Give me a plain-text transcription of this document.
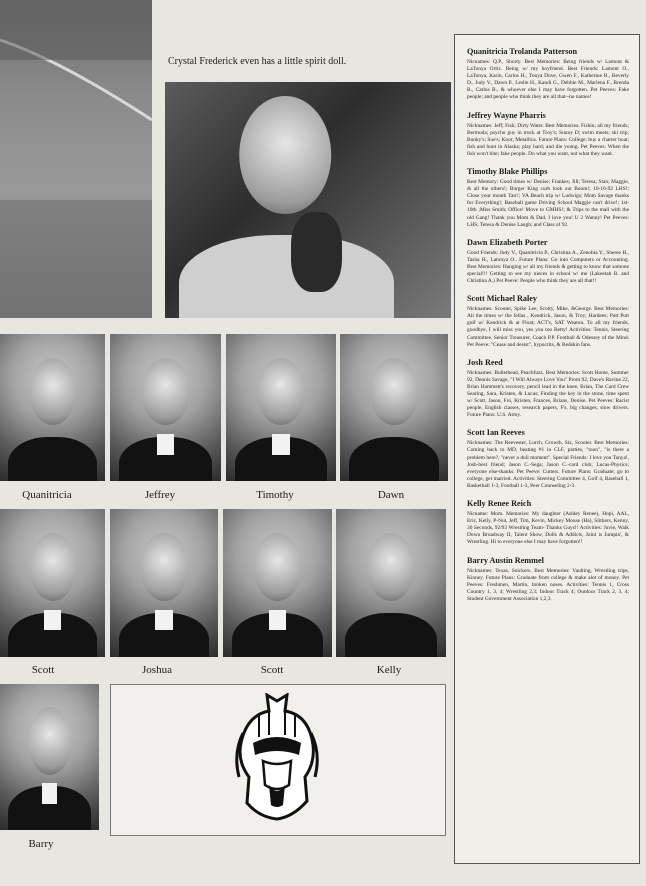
Crystal Frederick even has a little spirit doll.
Quanitricia	Jeffrey	Timothy	Dawn
Scott	Joshua	Scott	Kelly
Barry
Quanitricia Trolanda Patterson
Nicnames: Q.P., Shorty. Best Memories: Being friends w/ Lamont & LaTonya Ortiz. Being w/ my boyfriend. Best Friends: Lamont O., LaTonya, Karin, Carlos H., Tonya Dove, Gwen F., Katherine R., Beverly D., Judy V., Dawn P., Leslie H., Kandi G., Debbie M., Marlena F., Brenda B., Carlos B., & whoever else I may have forgotten. Pet Peeves: Fake people; and people who think they are all that--no names!
Jeffrey Wayne Pharris
Nicknames: Jeff; Fish; Dirty Water. Best Memories: Fishin; all my friends; Bermuda; psycho guy in truck at Troy's; Sunny D; swim meets; ski trip; Bunky's; Sue's; Knot; Metallica. Future Plans: College; buy a charter boat; fish and hunt in Alaska; play hard; and die young. Pet Peeves: When the fish won't bite; fake people. Do what you want, not what they want.
Timothy Blake Phillips
Best Memory: Good times w/ Denise; Frankes; Jill; Teresa; Stan; Maggie, & all the others!; Burger King curb look out Boom!; 10-16-92 LHS!; Close your mouth Tarr!; VA Beach trip w/ Ludwigs; Mom Savage thanks for Everything!; Baseball game Driving School Maggie can't drive!; 1st-10th ;Miss Smith; Office! Move to GMHS!; & Trips to the mall with the old Gang! Thank you Mom & Dad, I love you! U 2 Wanny! Pet Peeves: LHS; Teresa & Denise Laugh; and Class of 92.
Dawn Elizabeth Porter
Good Friends: Judy V., Quanitricia P., Christina A., Zenobia Y., Sheree H., Tasha H., Latonya O.. Future Plans: Go into Computers or Accounting. Best Memories: Hanging w/ all my friends & getting to know that somone special!!! Getting to see my nieces in school w/ me (Lakeetah B. and Christina A.) Pet Peeve: People who think they are all that!!
Scott Michael Raley
Nicknames: Scouter, Spike Lee, Scotty, Mike, &George. Best Memories: All the times w/ the fellas , Kendrick, Jason, & Troy; Hardees; Putt Putt golf w/ Kendrick & at Float; ACT's, SAT Weaton. To all my friends, goodbye, I will miss you, yes you too Betty! Activities: Tennis, Steering Committee, Senior Treasurer, Coach P.P. Football & Odessey of the Mind. Pet Peeve: "Cease and desist", hypocrits, & Redskin fans.
Josh Reed
Nicknames: Bullethead, Peachfuzz. Best Memories: Scott Home, Summer 92, Dennis Savage, "I Will Always Love You" Prom 92, Dave's Ravine 22, Brian Hammett's recovery, pencil lead in the knee, Brian, The Card Crew Searing, Sara, Kristen, & Lucas; Finding the key in the stone, time spent w/ Scott, Jason, Fro, Kristen, Frances, Brians, Denise. Pet Peeves: Racist people, English classes, research papers, F's, big changes, slow drivers. Future Plans: U.S. Army.
Scott Ian Reeves
Nicknames: The Reevester, Lurch, Growth, Siz, Scooter. Best Memories: Coming back to MD, beating #1 in CLF, parties, "toon", "is there a problem here?, "never a dull moment". Special Friends: I love you Tanya!, Josh-best friend; Jason C.-Sega; Jason C.-card club; Lucas-Physics; everyone else-thanks. Pet Peeve: Cutters. Future Plans: Graduate; go to college, get married. Activities: Steering Committee 4, Golf 4, Baseball 1, Basketball 1-3, Football 1-3, Peer Counseling 2-3.
Kelly Renee Reich
Nicname: Mom. Memories: My daughter (Ashley Renee), Hopi, AAL, Eric, Kelly, P-Nut, Jeff, Tim, Kevin, Mickey Mouse (Ha), Slithers, Kenny, 30 Seconds, 92/93 Wrestling Team- Thanks Guys!! Activities: Juvie, Walk Down Broadway II, Talent Show, Dolls & Addicts, Joint is Jumpin', & Wrestling. Hi to everyone else I may have forgotten!!
Barry Austin Remmel
Nicknames: Texas, Snickers. Best Memories: Vaulting, Wrestling trips, Kinney. Future Plans: Graduate from college & make alot of money. Pet Peeves: Freshmen, Martin, broken noses. Activities: Tennis 1, Cross Country 1, 3, 4; Wrestling 2,3; Indoor Track 4; Outdoor Track 2, 3, 4; Student Government Association 1,2,3.
